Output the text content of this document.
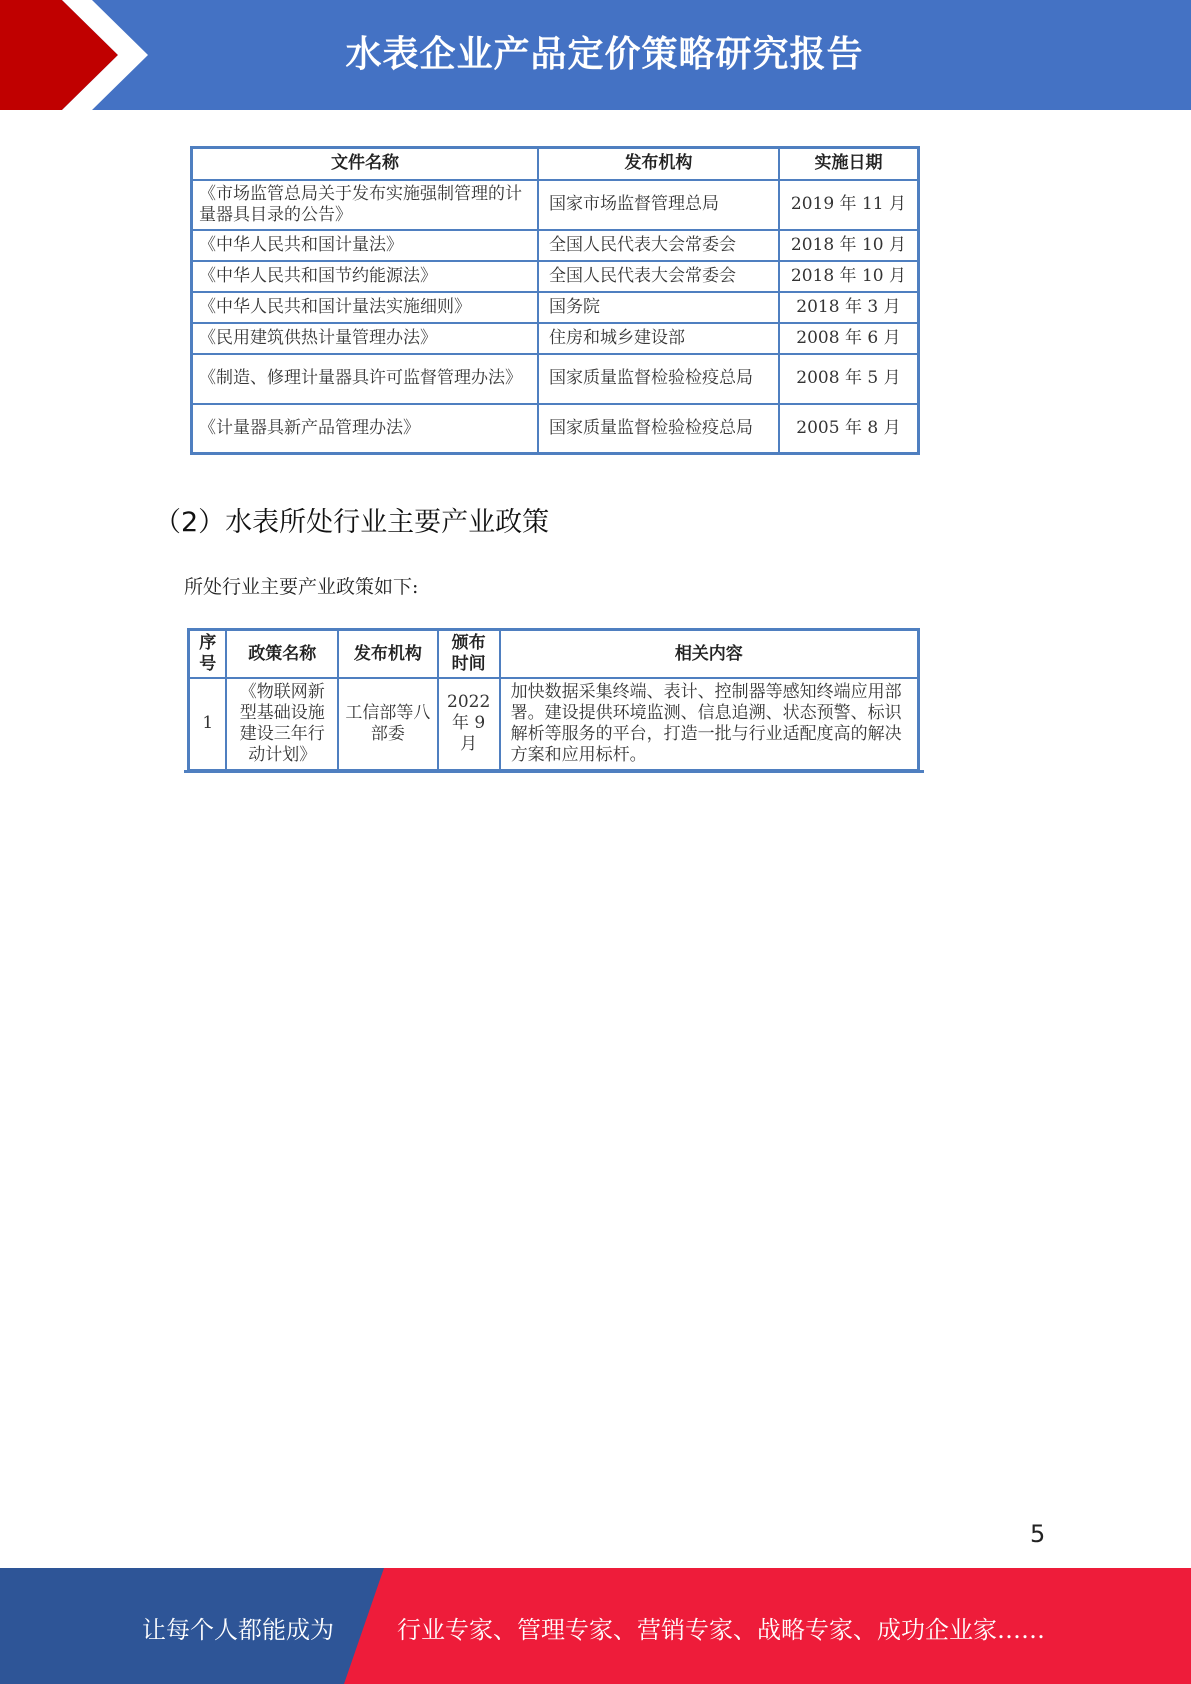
水表企业产品定价策略研究报告
文件名称	发布机构	实施日期
《市场监管总局关于发布实施强制管理的计量器具目录的公告》	国家市场监督管理总局	2019 年 11 月
《中华人民共和国计量法》	全国人民代表大会常委会	2018 年 10 月
《中华人民共和国节约能源法》	全国人民代表大会常委会	2018 年 10 月
《中华人民共和国计量法实施细则》	国务院	2018 年 3 月
《民用建筑供热计量管理办法》	住房和城乡建设部	2008 年 6 月
《制造、修理计量器具许可监督管理办法》	国家质量监督检验检疫总局	2008 年 5 月
《计量器具新产品管理办法》	国家质量监督检验检疫总局	2005 年 8 月
（2）水表所处行业主要产业政策
所处行业主要产业政策如下:
序号	政策名称	发布机构	颁布时间	相关内容
1	《物联网新型基础设施建设三年行动计划》	工信部等八部委	2022 年 9 月	加快数据采集终端、表计、控制器等感知终端应用部署。建设提供环境监测、信息追溯、状态预警、标识解析等服务的平台，打造一批与行业适配度高的解决方案和应用标杆。
5
让每个人都能成为	行业专家、管理专家、营销专家、战略专家、成功企业家……
